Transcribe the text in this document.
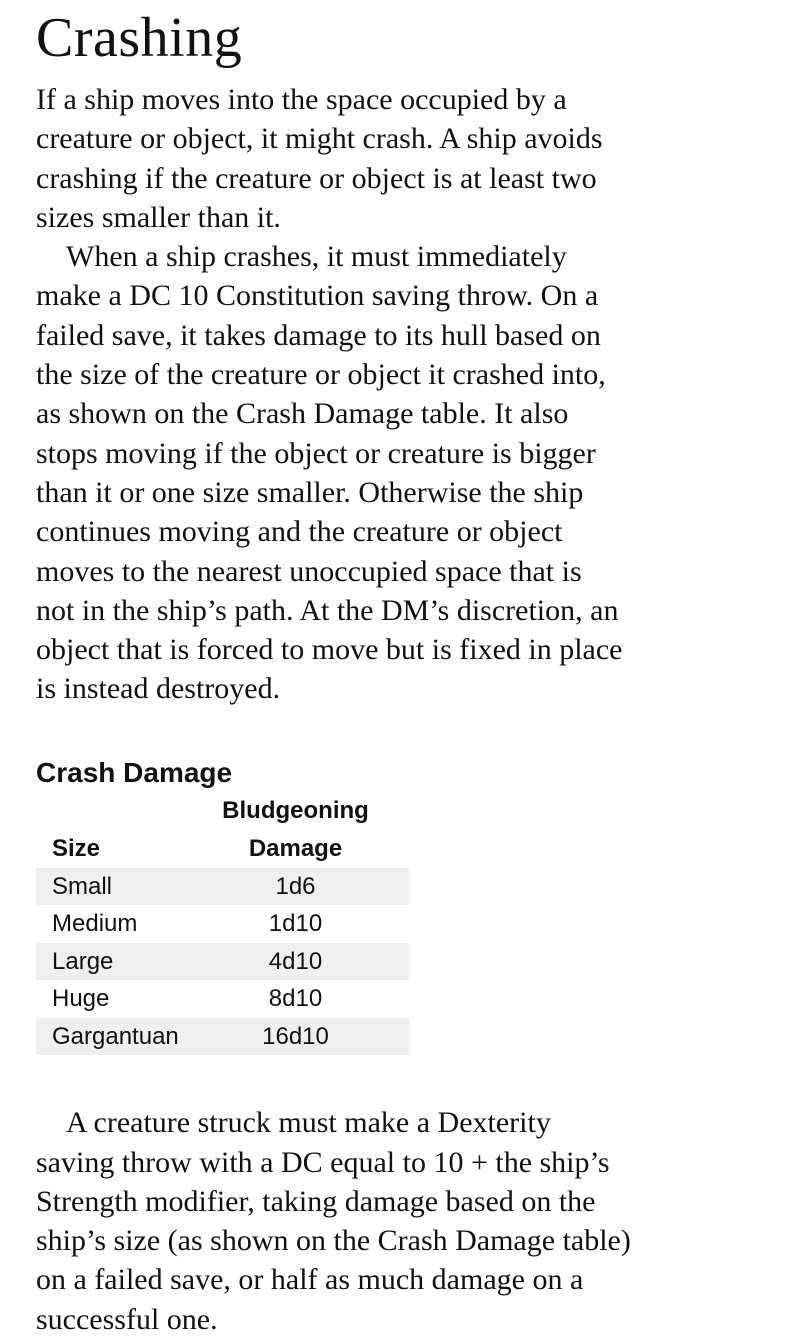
Crashing

If a ship moves into the space occupied by a
creature or object, it might crash. A ship avoids
crashing if the creature or object is at least two
sizes smaller than it.

When a ship crashes, it must immediately
make a DC 10 Constitution saving throw. On a
failed save, it takes damage to its hull based on
the size of the creature or object it crashed into,
as shown on the Crash Damage table. It also
stops moving if the object or creature is bigger
than it or one size smaller. Otherwise the ship
continues moving and the creature or object
moves to the nearest unoccupied space that is
not in the ship’s path. At the DM’s discretion, an
object that is forced to move but is fixed in place
is instead destroyed.

Crash Damage
Size	Bludgeoning
Damage
Small	1d6
Medium	1d10
Large	4d10
Huge	8d10
Gargantuan	16d10

A creature struck must make a Dexterity
saving throw with a DC equal to 10 + the ship’s
Strength modifier, taking damage based on the
ship’s size (as shown on the Crash Damage table)
on a failed save, or half as much damage on a
successful one.
